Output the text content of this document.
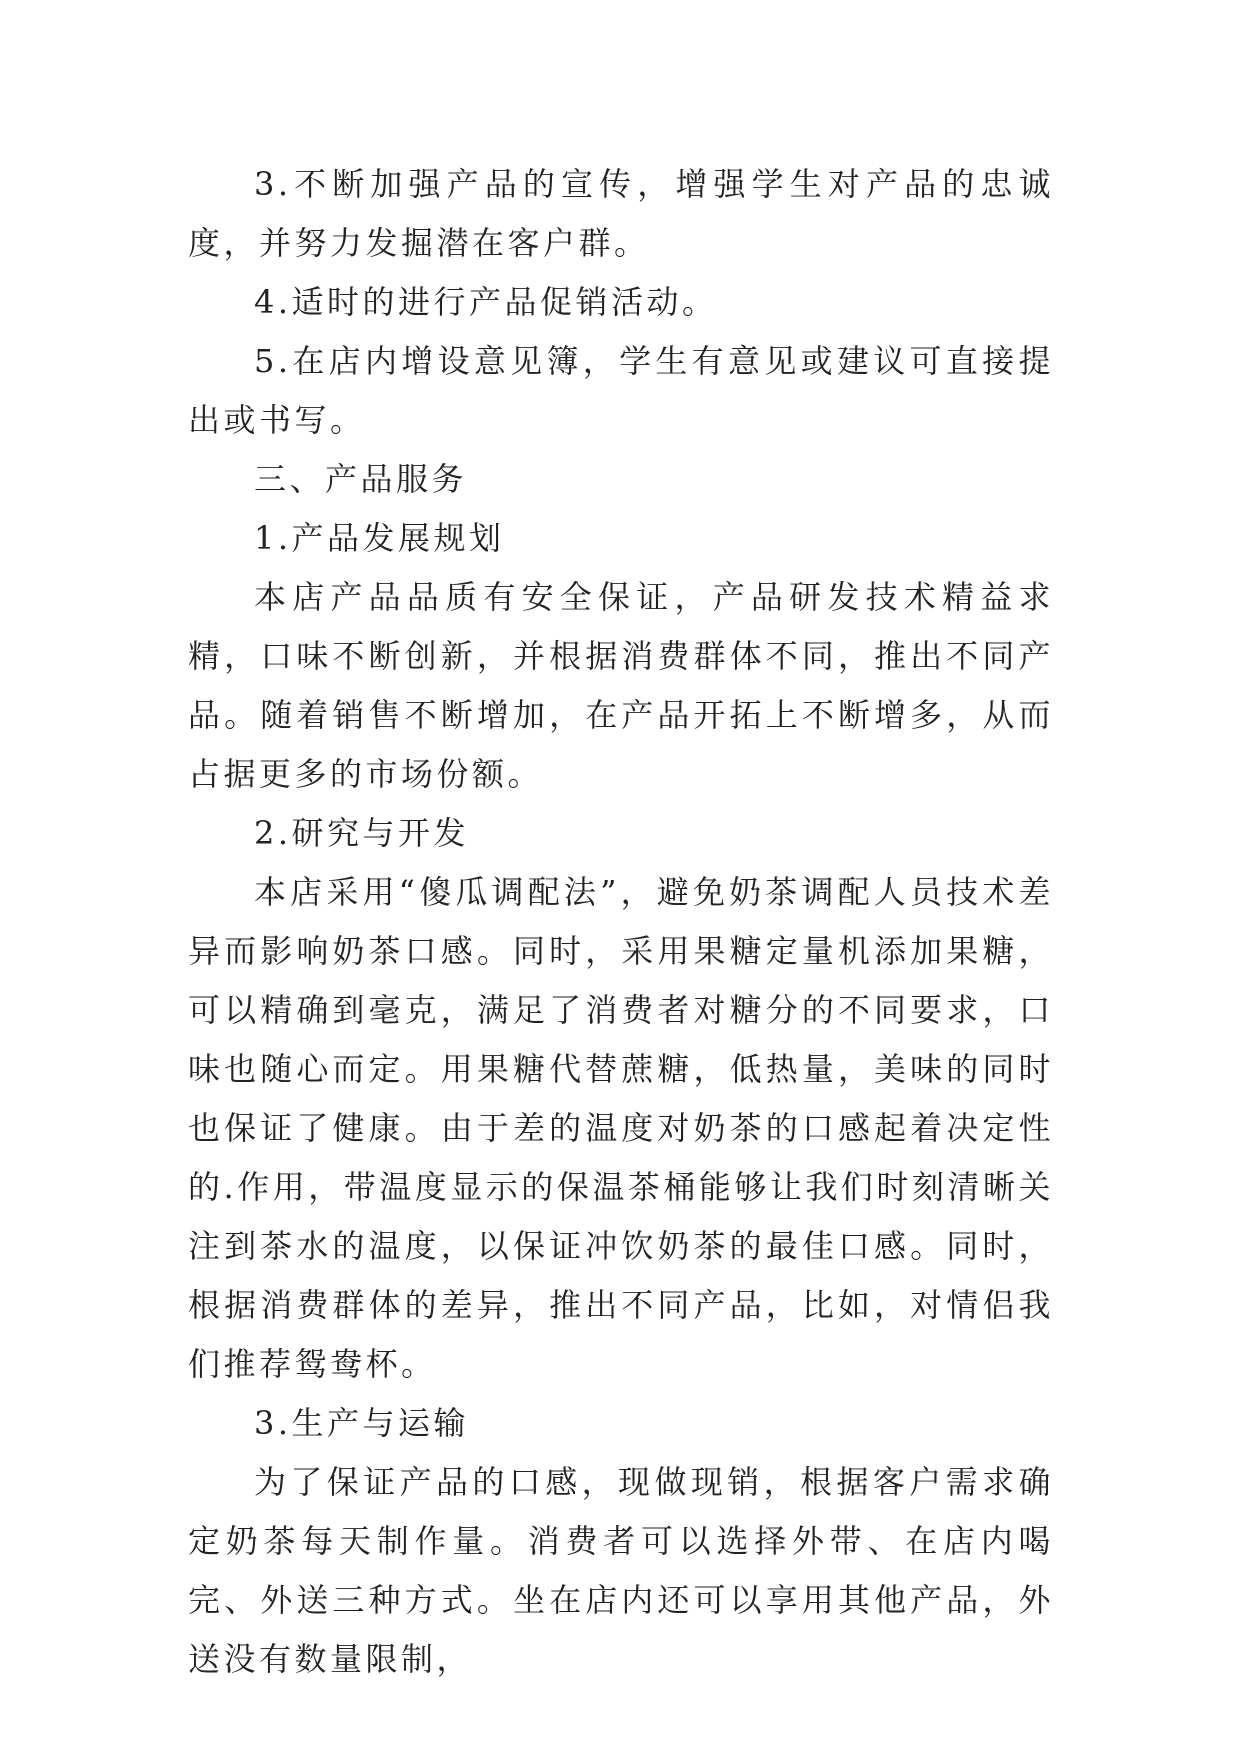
3.不断加强产品的宣传，增强学生对产品的忠诚度，并努力发掘潜在客户群。

4.适时的进行产品促销活动。

5.在店内增设意见簿，学生有意见或建议可直接提出或书写。

三、产品服务

1.产品发展规划

本店产品品质有安全保证，产品研发技术精益求精，口味不断创新，并根据消费群体不同，推出不同产品。随着销售不断增加，在产品开拓上不断增多，从而占据更多的市场份额。

2.研究与开发

本店采用“傻瓜调配法”，避免奶茶调配人员技术差异而影响奶茶口感。同时，采用果糖定量机添加果糖，可以精确到毫克，满足了消费者对糖分的不同要求，口味也随心而定。用果糖代替蔗糖，低热量，美味的同时也保证了健康。由于差的温度对奶茶的口感起着决定性的.作用，带温度显示的保温茶桶能够让我们时刻清晰关注到茶水的温度，以保证冲饮奶茶的最佳口感。同时，根据消费群体的差异，推出不同产品，比如，对情侣我们推荐鸳鸯杯。

3.生产与运输

为了保证产品的口感，现做现销，根据客户需求确定奶茶每天制作量。消费者可以选择外带、在店内喝完、外送三种方式。坐在店内还可以享用其他产品，外送没有数量限制，
